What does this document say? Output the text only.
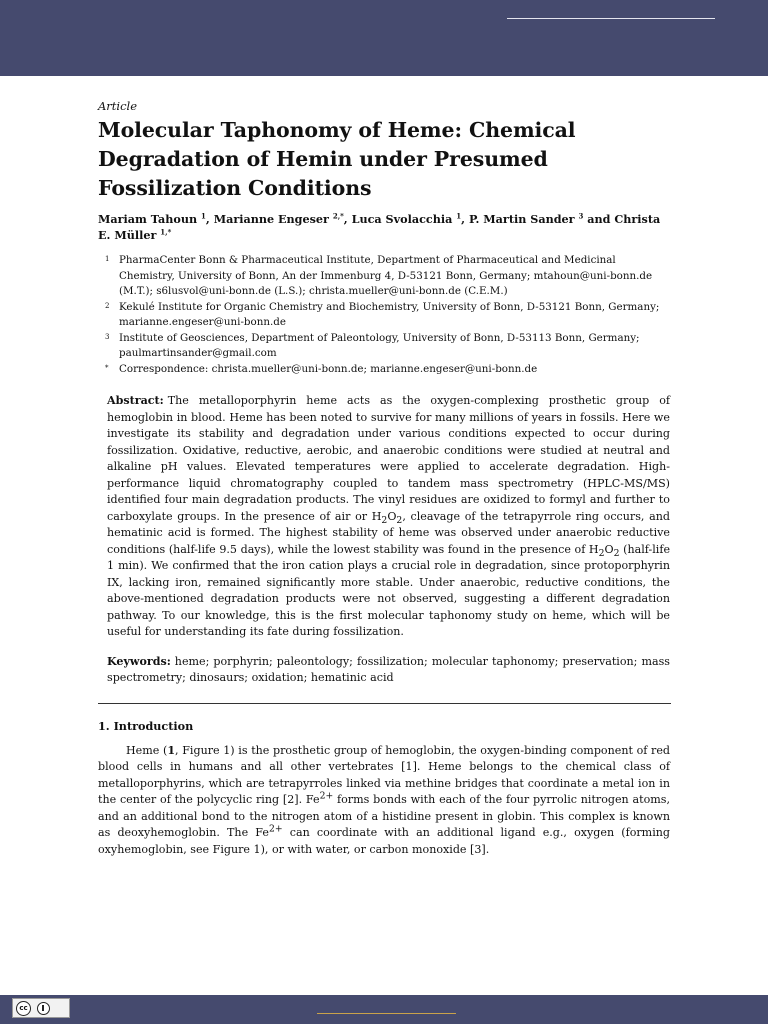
Article
Molecular Taphonomy of Heme: Chemical Degradation of Hemin under Presumed Fossilization Conditions
Mariam Tahoun $^1$, Marianne Engeser $^{2,*}$, Luca Svolacchia $^1$, P. Martin Sander $^3$ and Christa E. Müller $^{1,*}$
1 PharmaCenter Bonn & Pharmaceutical Institute, Department of Pharmaceutical and Medicinal Chemistry, University of Bonn, An der Immenburg 4, D-53121 Bonn, Germany; mtahoun@uni-bonn.de (M.T.); s6lusvol@uni-bonn.de (L.S.); christa.mueller@uni-bonn.de (C.E.M.)
2 Kekulé Institute for Organic Chemistry and Biochemistry, University of Bonn, D-53121 Bonn, Germany; marianne.engeser@uni-bonn.de
3 Institute of Geosciences, Department of Paleontology, University of Bonn, D-53113 Bonn, Germany; paulmartinsander@gmail.com
* Correspondence: christa.mueller@uni-bonn.de; marianne.engeser@uni-bonn.de
Abstract: The metalloporphyrin heme acts as the oxygen-complexing prosthetic group of hemoglobin in blood. Heme has been noted to survive for many millions of years in fossils. Here we investigate its stability and degradation under various conditions expected to occur during fossilization. Oxidative, reductive, aerobic, and anaerobic conditions were studied at neutral and alkaline pH values. Elevated temperatures were applied to accelerate degradation. High-performance liquid chromatography coupled to tandem mass spectrometry (HPLC-MS/MS) identified four main degradation products. The vinyl residues are oxidized to formyl and further to carboxylate groups. In the presence of air or $H_2O_2$, cleavage of the tetrapyrrole ring occurs, and hematinic acid is formed. The highest stability of heme was observed under anaerobic reductive conditions (half-life 9.5 days), while the lowest stability was found in the presence of $H_2O_2$ (half-life 1 min). We confirmed that the iron cation plays a crucial role in degradation, since protoporphyrin IX, lacking iron, remained significantly more stable. Under anaerobic, reductive conditions, the above-mentioned degradation products were not observed, suggesting a different degradation pathway. To our knowledge, this is the first molecular taphonomy study on heme, which will be useful for understanding its fate during fossilization.
Keywords: heme; porphyrin; paleontology; fossilization; molecular taphonomy; preservation; mass spectrometry; dinosaurs; oxidation; hematinic acid
1. Introduction

Heme (1, Figure 1) is the prosthetic group of hemoglobin, the oxygen-binding component of red blood cells in humans and all other vertebrates [1]. Heme belongs to the chemical class of metalloporphyrins, which are tetrapyrroles linked via methine bridges that coordinate a metal ion in the center of the polycyclic ring [2]. $Fe^{2+}$ forms bonds with each of the four pyrrolic nitrogen atoms, and an additional bond to the nitrogen atom of a histidine present in globin. This complex is known as deoxyhemoglobin. The $Fe^{2+}$ can coordinate with an additional ligand e.g., oxygen (forming oxyhemoglobin, see Figure 1), or with water, or carbon monoxide [3].

cc
